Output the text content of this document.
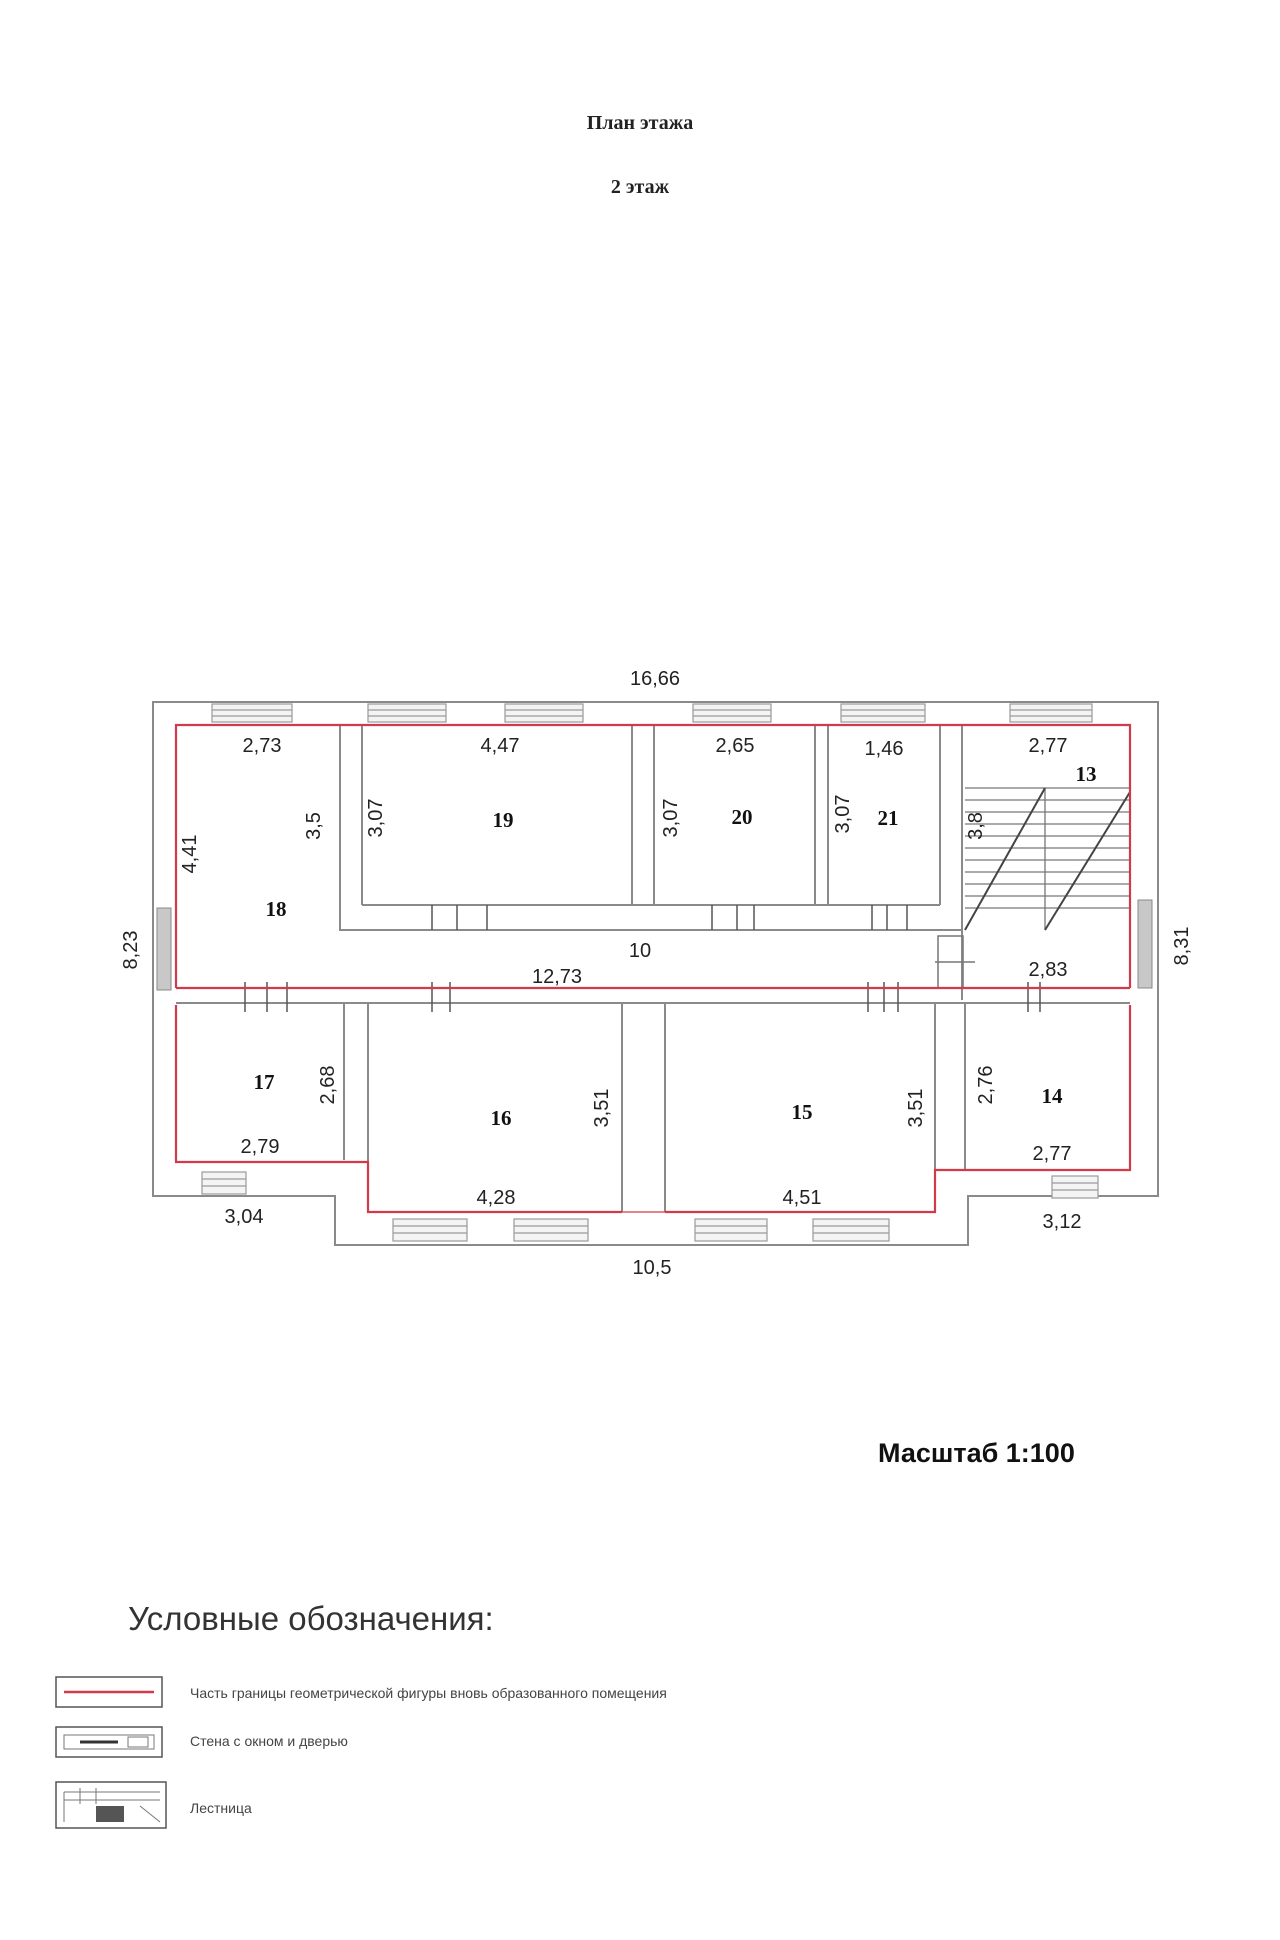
План этажа
2 этаж
16,66
10,5
8,23	8,31
10
12,73
3,04	3,12
18
2,73
4,41
3,5	19
4,47
3,07	20
2,65
3,07	21
1,46
3,07
13
2,77
3,8
2,83
17 2,68
2,79
16
4,28
3,51	15
4,51
3,51	14
2,76
2,77
Масштаб 1:100
Условные обозначения:
Часть границы геометрической фигуры вновь образованного помещения
Стена с окном и дверью
Лестница
